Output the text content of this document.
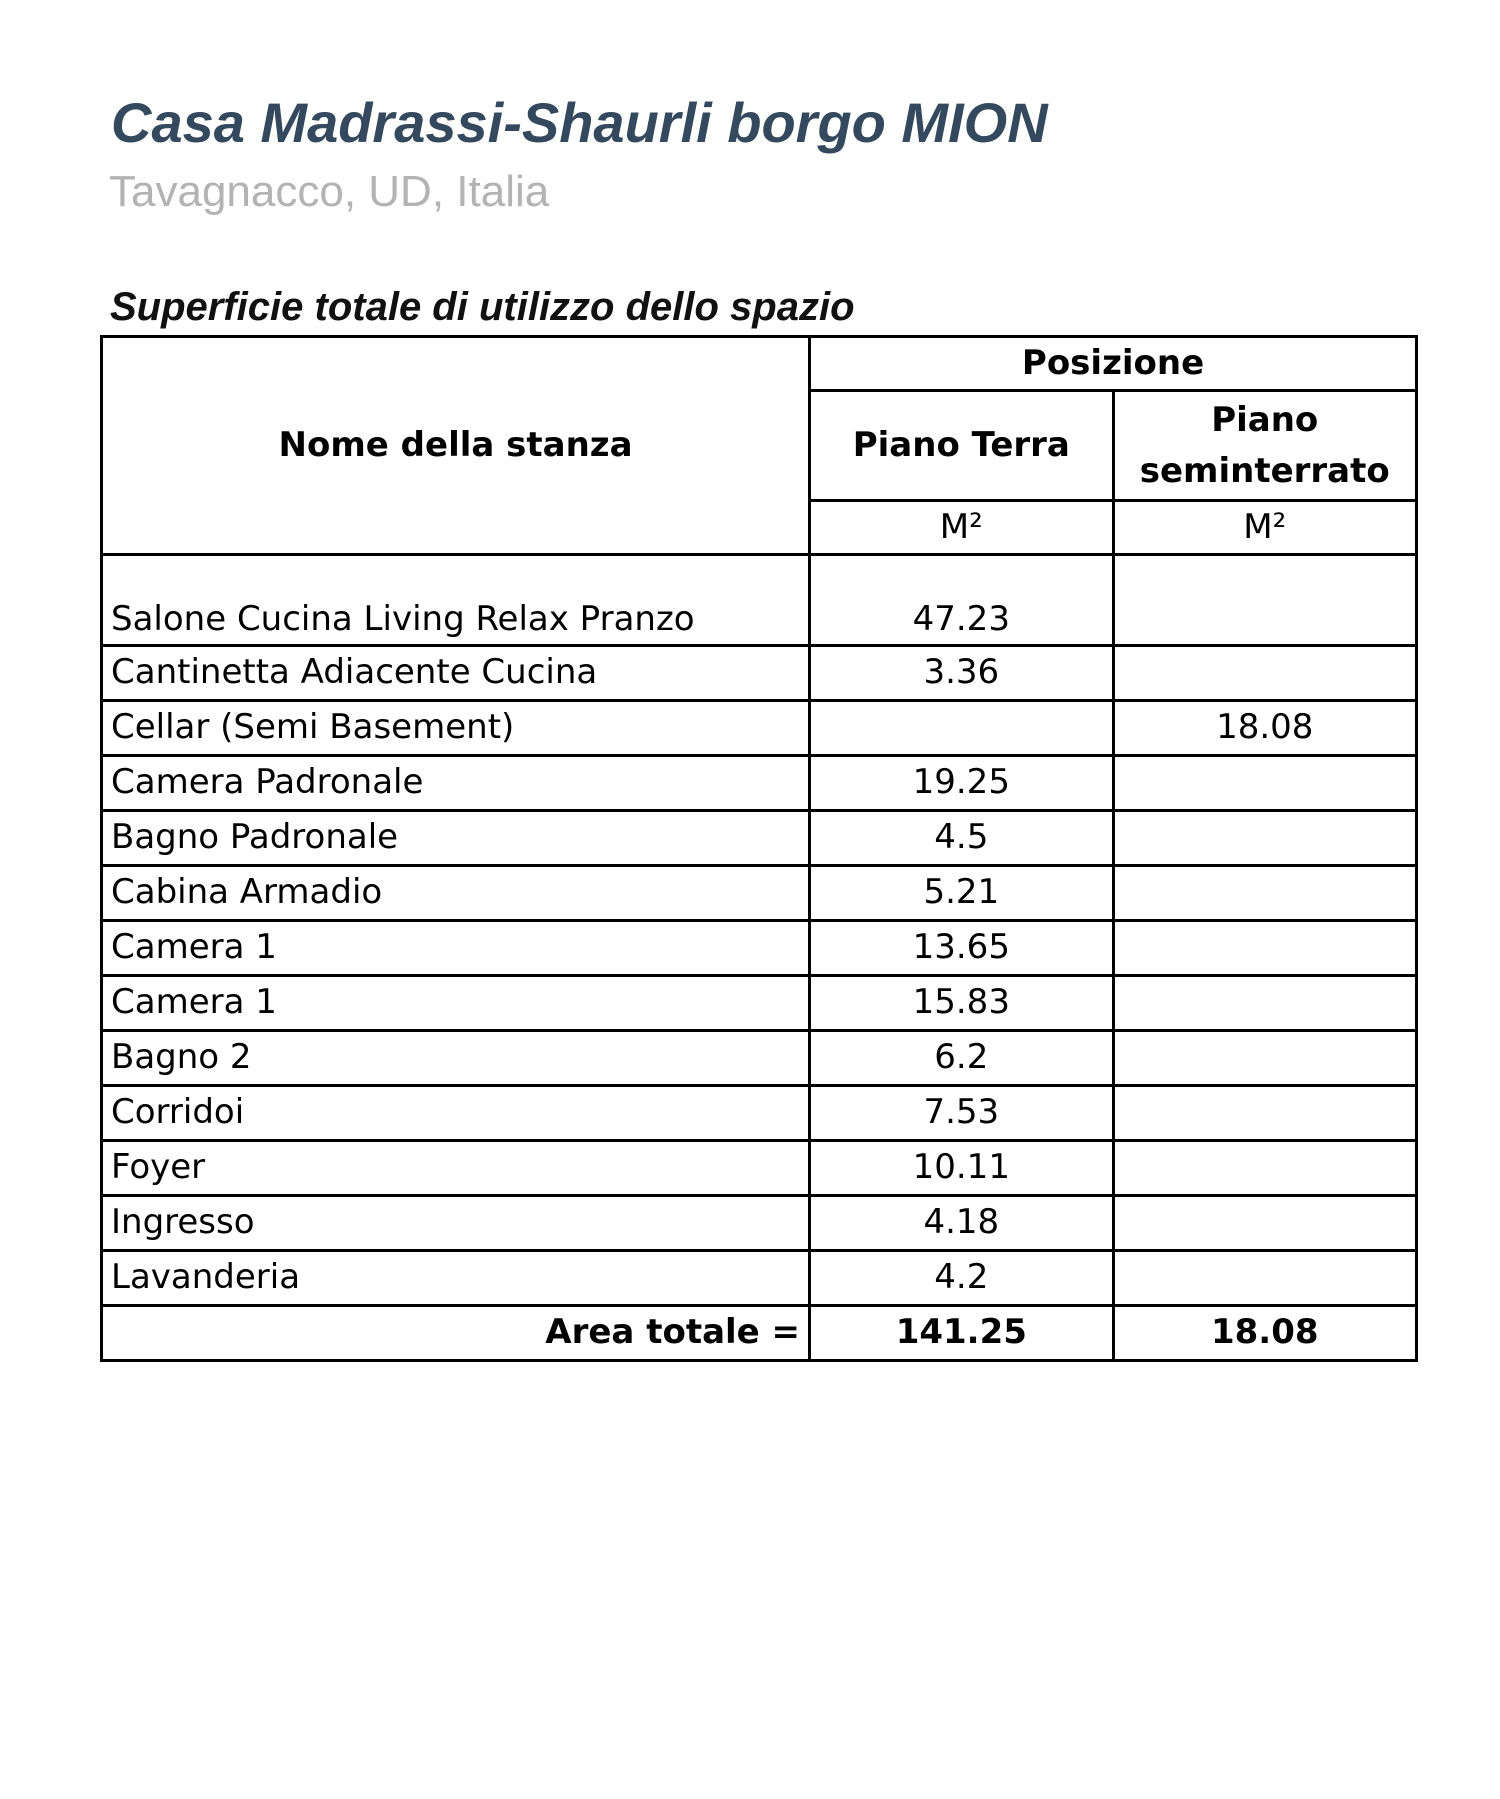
Casa Madrassi-Shaurli borgo MION
Tavagnacco, UD, Italia
Superficie totale di utilizzo dello spazio
Nome della stanza	Posizione	
	Piano Terra	Piano seminterrato
	M²	M²
Salone Cucina Living Relax Pranzo	47.23	
Cantinetta Adiacente Cucina	3.36	
Cellar (Semi Basement)		18.08
Camera Padronale	19.25	
Bagno Padronale	4.5	
Cabina Armadio	5.21	
Camera 1	13.65	
Camera 1	15.83	
Bagno 2	6.2	
Corridoi	7.53	
Foyer	10.11	
Ingresso	4.18	
Lavanderia	4.2	
Area totale =	141.25	18.08
